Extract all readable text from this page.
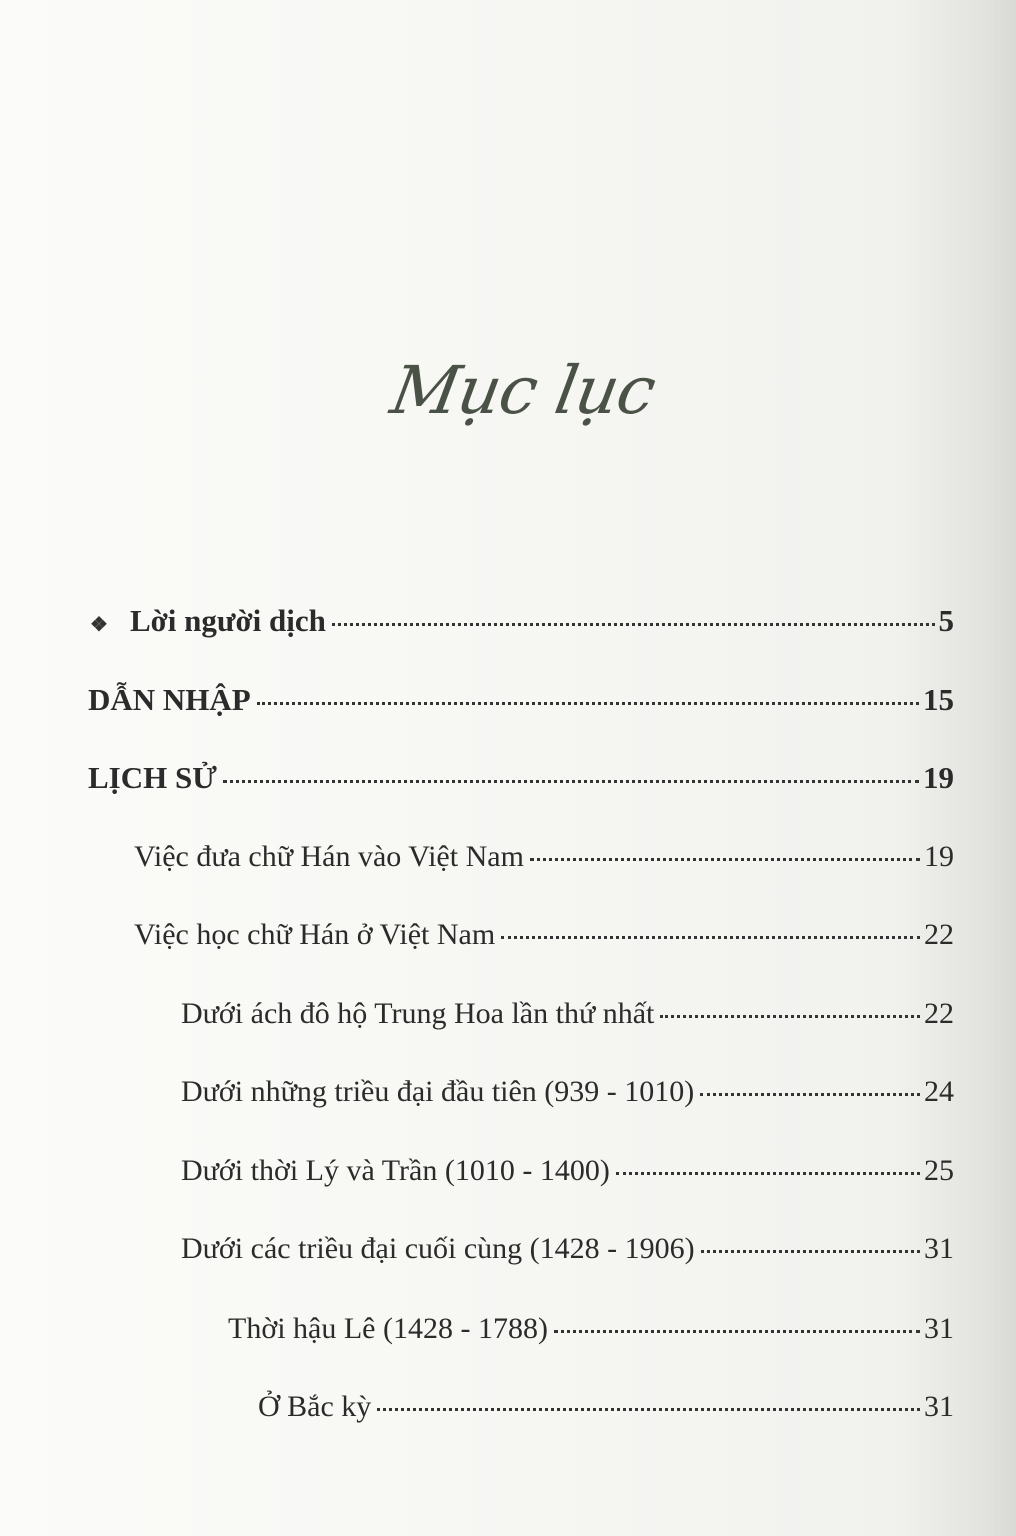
Mục lục
❖ Lời người dịch	5
DẪN NHẬP	15
LỊCH SỬ	19
Việc đưa chữ Hán vào Việt Nam	19
Việc học chữ Hán ở Việt Nam	22
Dưới ách đô hộ Trung Hoa lần thứ nhất	22
Dưới những triều đại đầu tiên (939 - 1010)	24
Dưới thời Lý và Trần (1010 - 1400)	25
Dưới các triều đại cuối cùng (1428 - 1906)	31
Thời hậu Lê (1428 - 1788)	31
Ở Bắc kỳ	31
